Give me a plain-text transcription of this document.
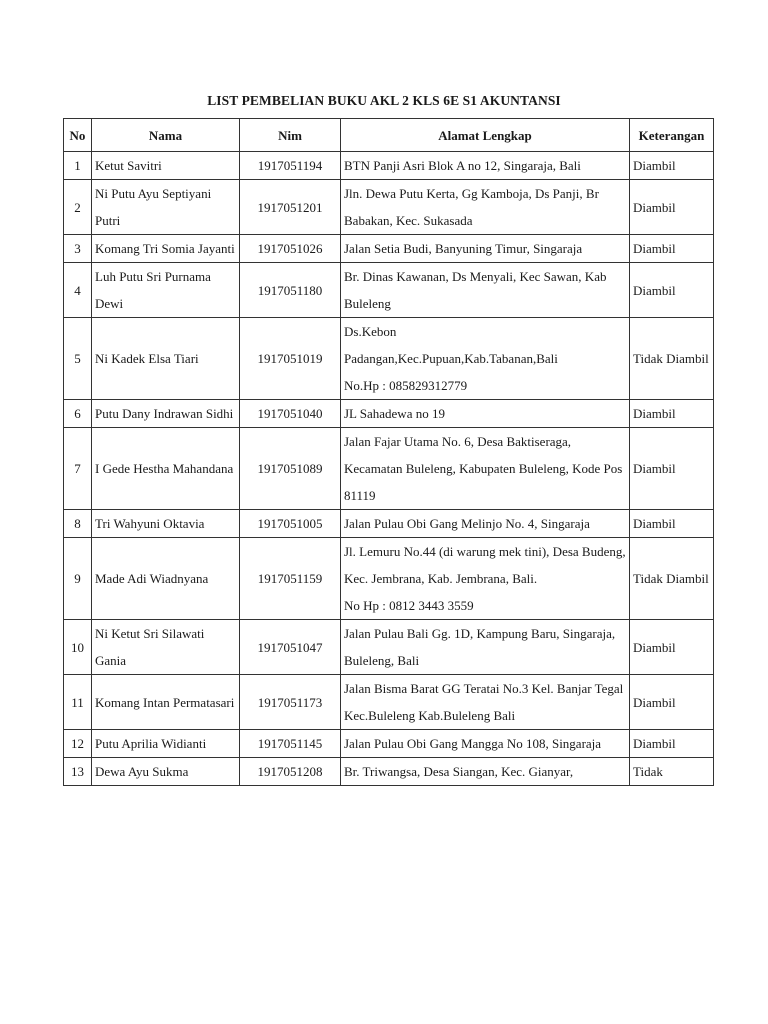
LIST PEMBELIAN BUKU AKL 2 KLS 6E S1 AKUNTANSI
No	Nama	Nim	Alamat Lengkap	Keterangan
1	Ketut Savitri	1917051194	BTN Panji Asri Blok A no 12, Singaraja, Bali	Diambil
2	Ni Putu Ayu Septiyani Putri	1917051201	Jln. Dewa Putu Kerta, Gg Kamboja, Ds Panji, Br Babakan, Kec. Sukasada	Diambil
3	Komang Tri Somia Jayanti	1917051026	Jalan Setia Budi, Banyuning Timur, Singaraja	Diambil
4	Luh Putu Sri Purnama Dewi	1917051180	Br. Dinas Kawanan, Ds Menyali, Kec Sawan, Kab Buleleng	Diambil
5	Ni Kadek Elsa Tiari	1917051019	Ds.Kebon
Padangan,Kec.Pupuan,Kab.Tabanan,Bali
No.Hp : 085829312779	Tidak Diambil
6	Putu Dany Indrawan Sidhi	1917051040	JL Sahadewa no 19	Diambil
7	I Gede Hestha Mahandana	1917051089	Jalan Fajar Utama No. 6, Desa Baktiseraga, Kecamatan Buleleng, Kabupaten Buleleng, Kode Pos 81119	Diambil
8	Tri Wahyuni Oktavia	1917051005	Jalan Pulau Obi Gang Melinjo No. 4, Singaraja	Diambil
9	Made Adi Wiadnyana	1917051159	Jl. Lemuru No.44 (di warung mek tini), Desa Budeng, Kec. Jembrana, Kab. Jembrana, Bali.
No Hp : 0812 3443 3559	Tidak Diambil
10	Ni Ketut Sri Silawati Gania	1917051047	Jalan Pulau Bali Gg. 1D, Kampung Baru, Singaraja, Buleleng, Bali	Diambil
11	Komang Intan Permatasari	1917051173	Jalan Bisma Barat GG Teratai No.3 Kel. Banjar Tegal Kec.Buleleng Kab.Buleleng Bali	Diambil
12	Putu Aprilia Widianti	1917051145	Jalan Pulau Obi Gang Mangga No 108, Singaraja	Diambil
13	Dewa Ayu Sukma	1917051208	Br. Triwangsa, Desa Siangan, Kec. Gianyar,	Tidak
